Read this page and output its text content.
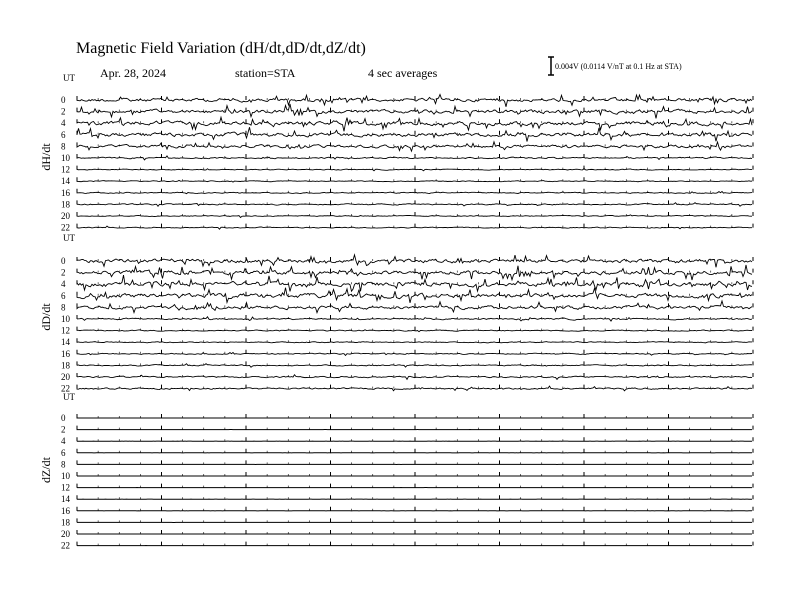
Magnetic Field Variation (dH/dt,dD/dt,dZ/dt)
Apr. 28, 2024	station=STA	4 sec averages	0.004V (0.0114 V/nT at 0.1 Hz at STA)
UT
dH/dt
0
2
4
6
8
10
12
14
16
18
20
22
UT
dD/dt
0
2
4
6
8
10
12
14
16
18
20
22
UT
dZ/dt
0
2
4
6
8
10
12
14
16
18
20
22
